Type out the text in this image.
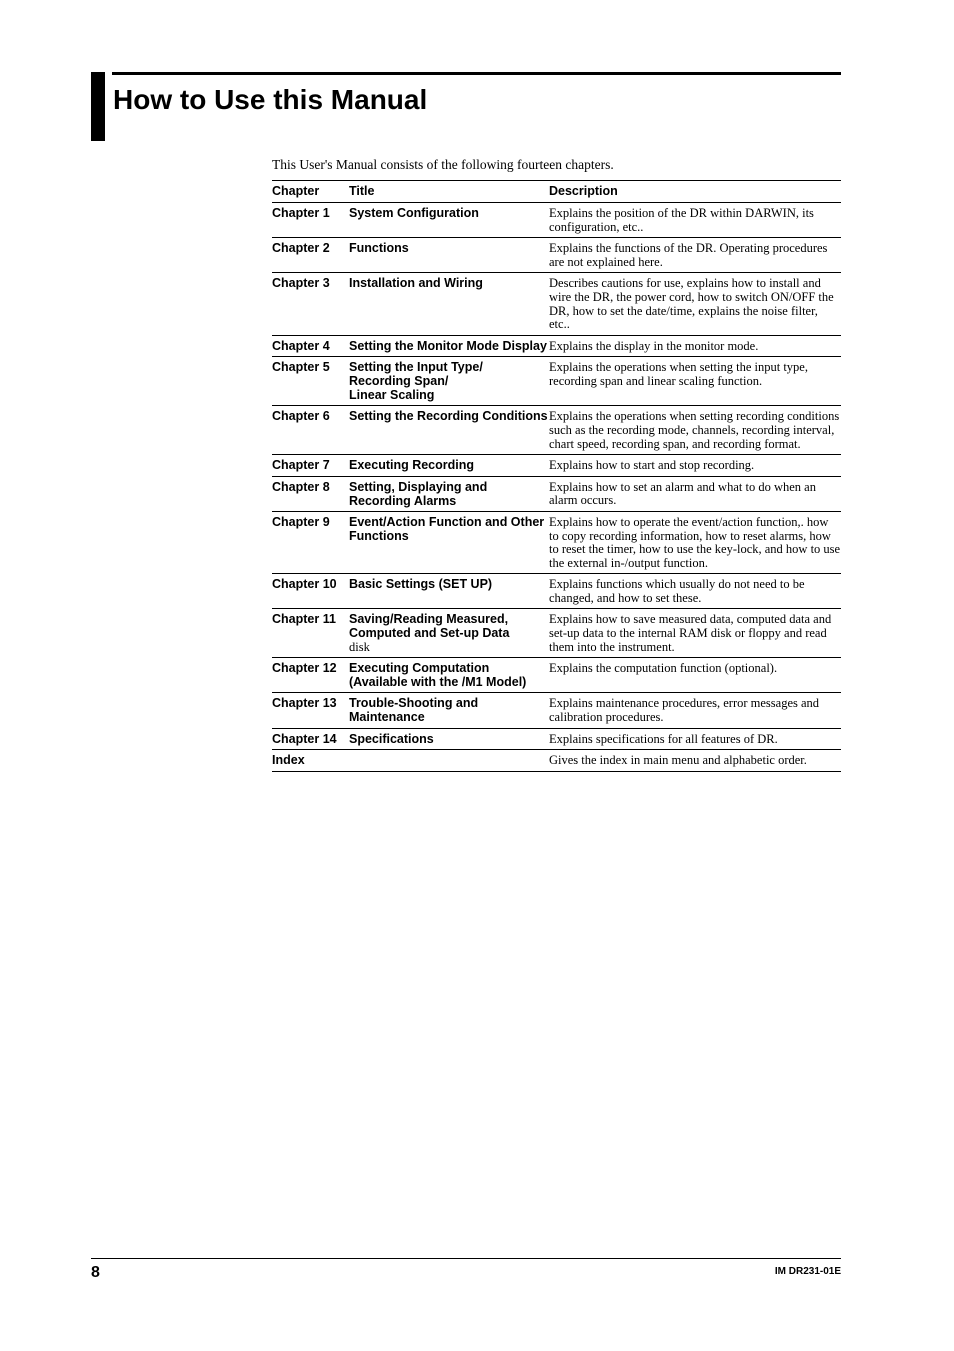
How to Use this Manual

This User's Manual consists of the following fourteen chapters.

Chapter	Title	Description
Chapter 1	System Configuration	Explains the position of the DR within DARWIN, its configuration, etc..

Chapter 2	Functions	Explains the functions of the DR. Operating procedures are not explained here.

Chapter 3	Installation and Wiring	Describes cautions for use, explains how to install and wire the DR, the power cord, how to switch ON/OFF the DR, how to set the date/time, explains the noise filter, etc..

Chapter 4	Setting the Monitor Mode Display	Explains the display in the monitor mode.

Chapter 5	Setting the Input Type/
Recording Span/
Linear Scaling	Explains the operations when setting the input type, recording span and linear scaling function.

Chapter 6	Setting the Recording Conditions	Explains the operations when setting recording conditions such as the recording mode, channels, recording interval, chart speed, recording span, and recording format.

Chapter 7	Executing Recording	Explains how to start and stop recording.

Chapter 8	Setting, Displaying and Recording Alarms	Explains how to set an alarm and what to do when an alarm occurs.

Chapter 9	Event/Action Function and Other Functions	Explains how to operate the event/action function,. how to copy recording information, how to reset alarms, how to reset the timer, how to use the key-lock, and how to use the external in-/output function.

Chapter 10	Basic Settings (SET UP)	Explains functions which usually do not need to be changed, and how to set these.

Chapter 11	Saving/Reading Measured, Computed and Set-up Data
disk	Explains how to save measured data, computed data and set-up data to the internal RAM disk or floppy and read them into the instrument.

Chapter 12	Executing Computation
(Available with the /M1 Model)	Explains the computation function (optional).

Chapter 13	Trouble-Shooting and Maintenance	Explains maintenance procedures, error messages and calibration procedures.

Chapter 14	Specifications	Explains specifications for all features of DR.

Index		Gives the index in main menu and alphabetic order.
8	IM DR231-01E
